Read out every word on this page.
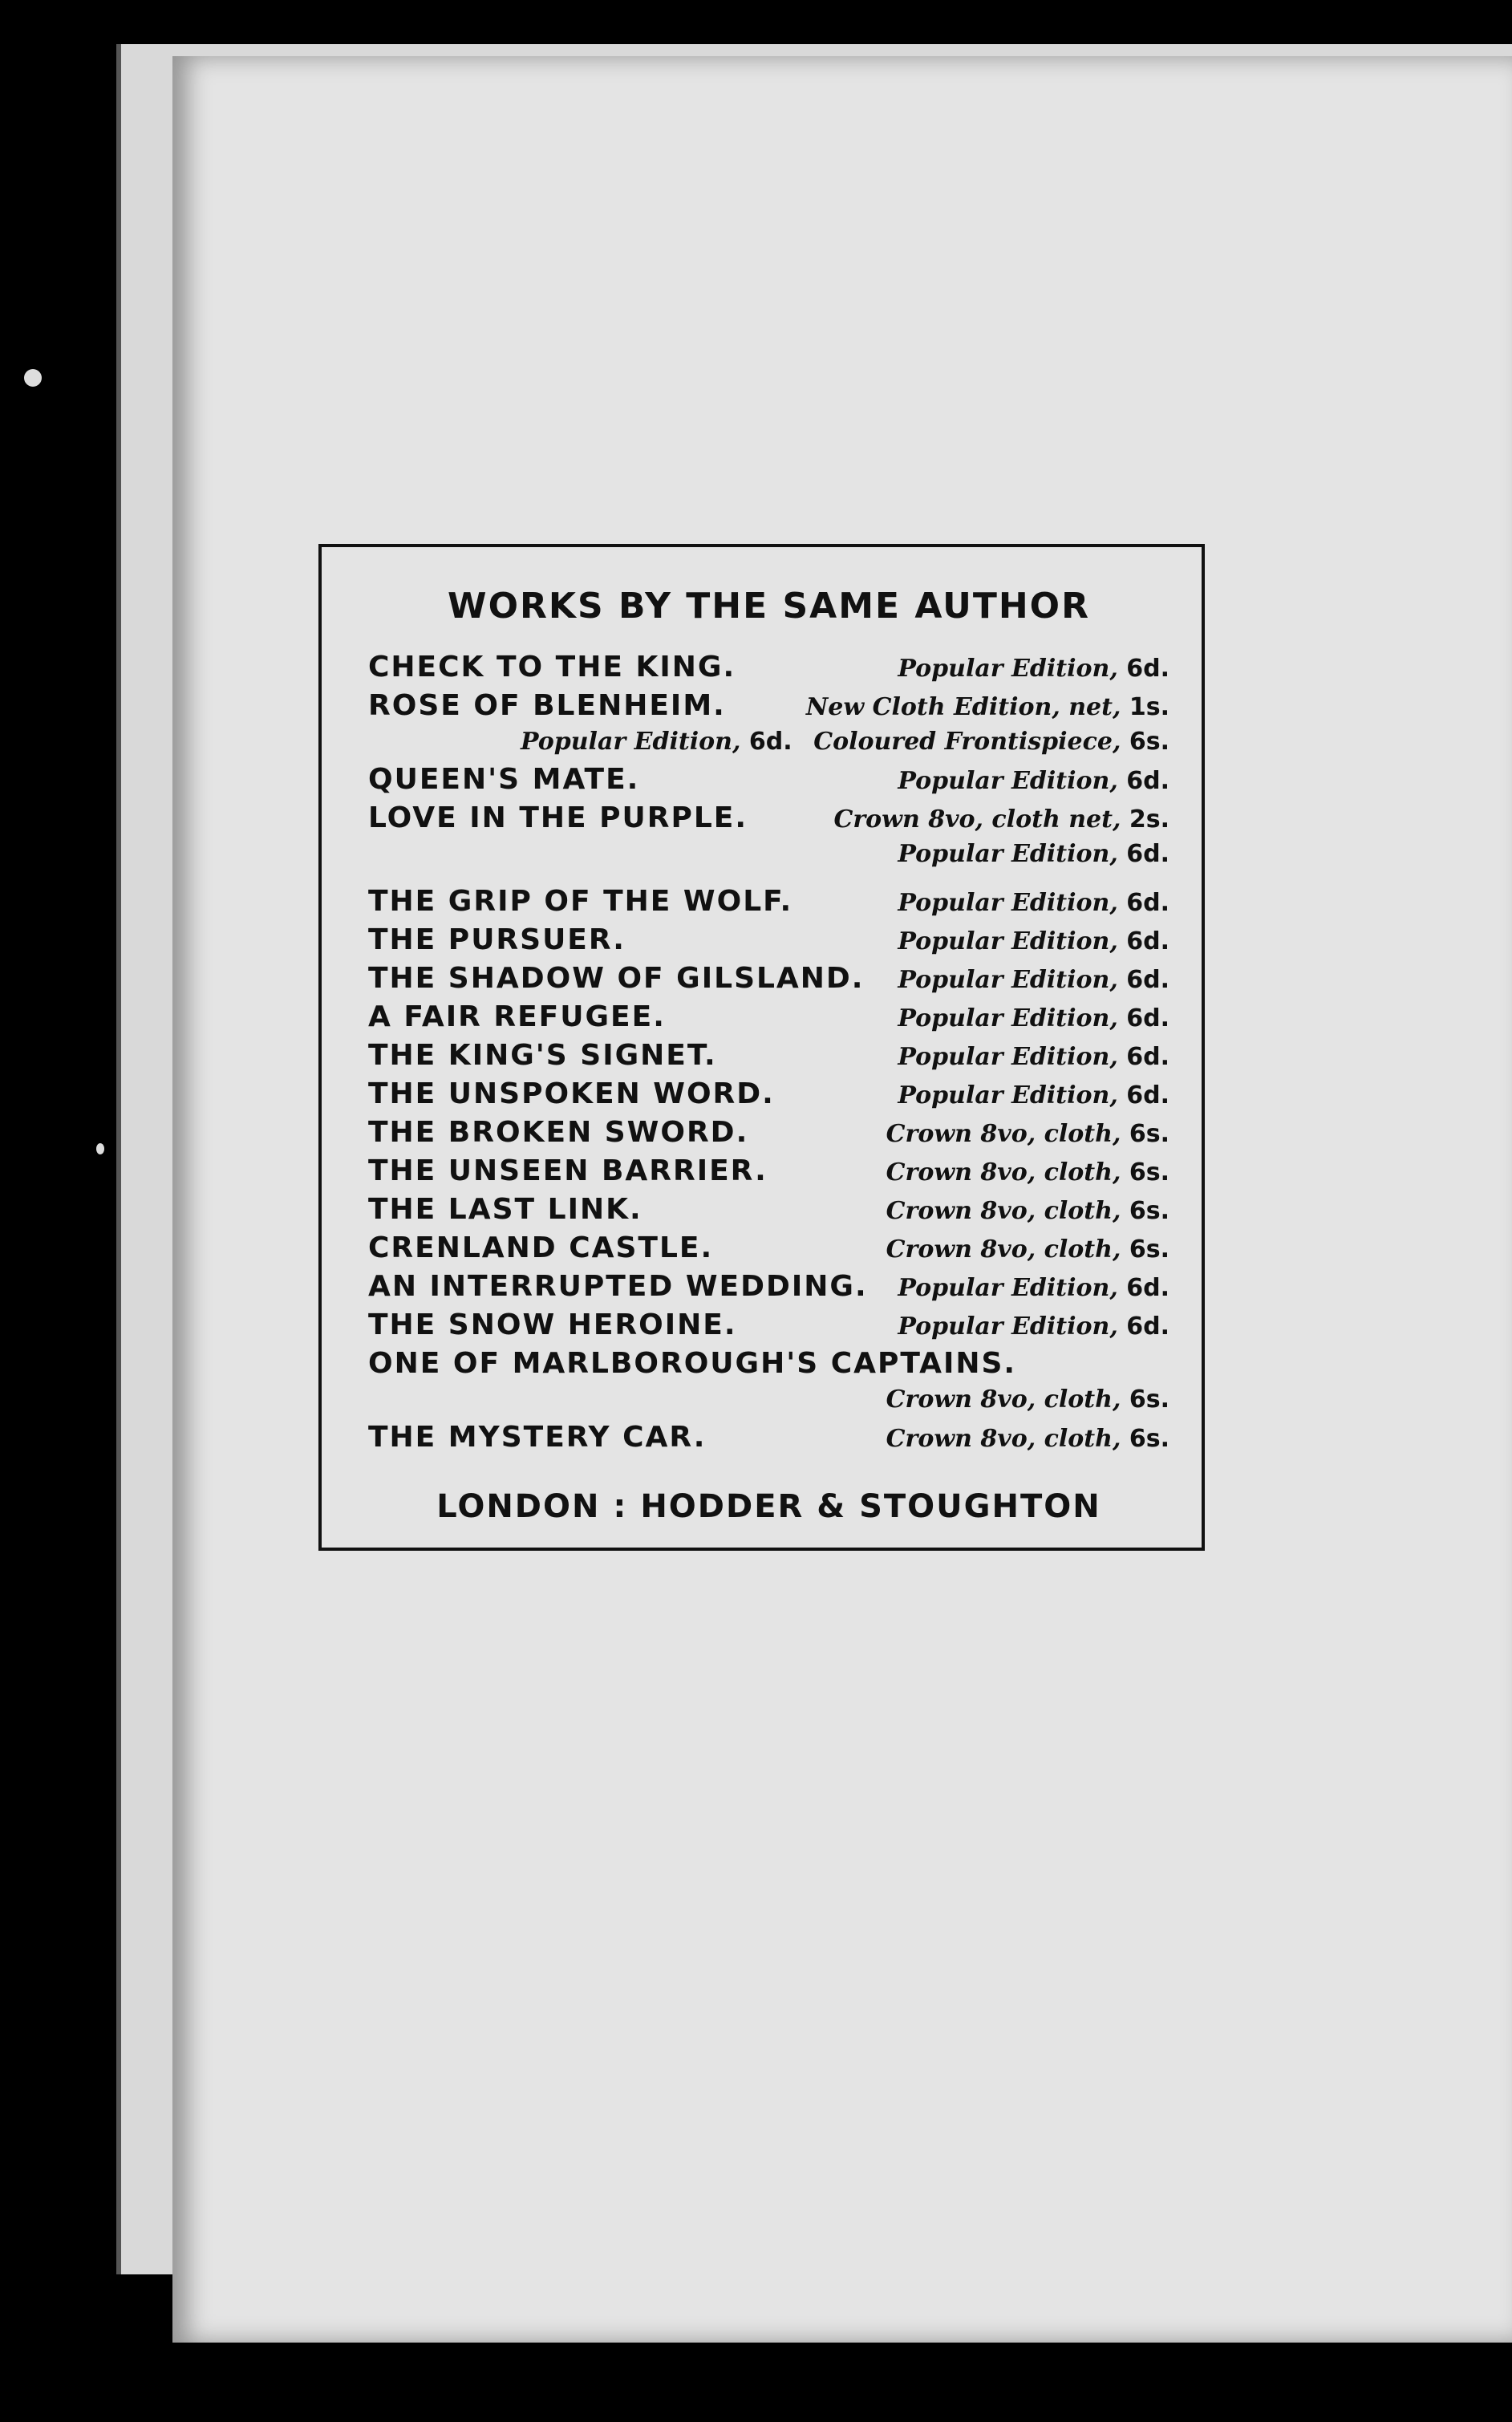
WORKS BY THE SAME AUTHOR
CHECK TO THE KING.	Popular Edition, 6d.
ROSE OF BLENHEIM.	New Cloth Edition, net, 1s.
Popular Edition, 6d. Coloured Frontispiece, 6s.
QUEEN'S MATE.	Popular Edition, 6d.
LOVE IN THE PURPLE.	Crown 8vo, cloth net, 2s.
Popular Edition, 6d.
THE GRIP OF THE WOLF.	Popular Edition, 6d.
THE PURSUER.	Popular Edition, 6d.
THE SHADOW OF GILSLAND. Popular Edition, 6d.
A FAIR REFUGEE.	Popular Edition, 6d.
THE KING'S SIGNET.	Popular Edition, 6d.
THE UNSPOKEN WORD.	Popular Edition, 6d.
THE BROKEN SWORD.	Crown 8vo, cloth, 6s.
THE UNSEEN BARRIER.	Crown 8vo, cloth, 6s.
THE LAST LINK.	Crown 8vo, cloth, 6s.
CRENLAND CASTLE.	Crown 8vo, cloth, 6s.
AN INTERRUPTED WEDDING. Popular Edition, 6d.
THE SNOW HEROINE.	Popular Edition, 6d.
ONE OF MARLBOROUGH'S CAPTAINS.
Crown 8vo, cloth, 6s.
THE MYSTERY CAR.	Crown 8vo, cloth, 6s.
LONDON : HODDER & STOUGHTON
